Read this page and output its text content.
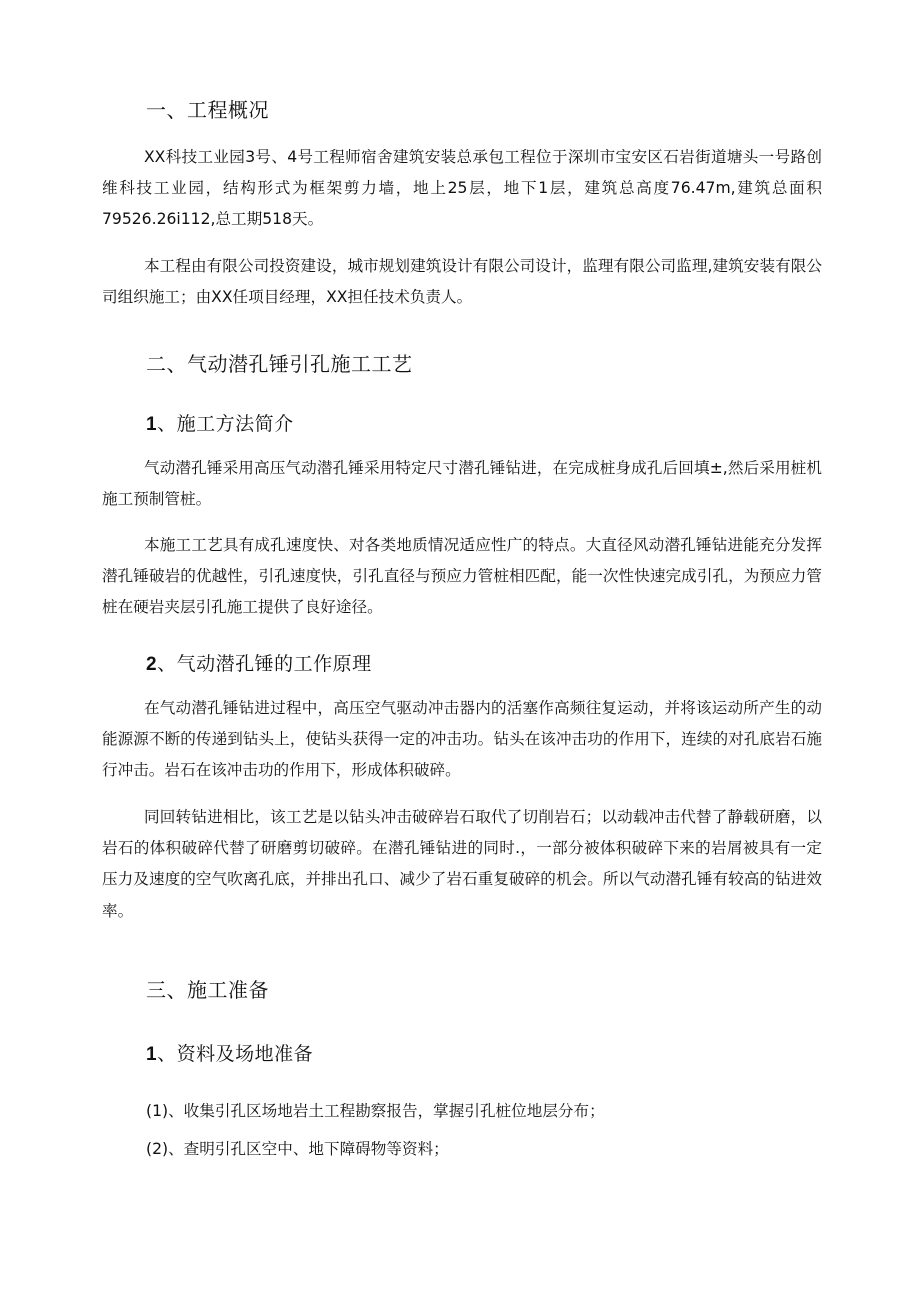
一、工程概况

XX科技工业园3号、4号工程师宿舍建筑安装总承包工程位于深圳市宝安区石岩街道塘头一号路创维科技工业园，结构形式为框架剪力墙，地上25层，地下1层，建筑总高度76.47m,建筑总面积79526.26i112,总工期518天。

本工程由有限公司投资建设，城市规划建筑设计有限公司设计，监理有限公司监理,建筑安装有限公司组织施工；由XX任项目经理，XX担任技术负责人。

二、气动潜孔锤引孔施工工艺
1、施工方法简介

气动潜孔锤采用高压气动潜孔锤采用特定尺寸潜孔锤钻进，在完成桩身成孔后回填±,然后采用桩机施工预制管桩。

本施工工艺具有成孔速度快、对各类地质情况适应性广的特点。大直径风动潜孔锤钻进能充分发挥潜孔锤破岩的优越性，引孔速度快，引孔直径与预应力管桩相匹配，能一次性快速完成引孔，为预应力管桩在硬岩夹层引孔施工提供了良好途径。

2、气动潜孔锤的工作原理

在气动潜孔锤钻进过程中，高压空气驱动冲击器内的活塞作高频往复运动，并将该运动所产生的动能源源不断的传递到钻头上，使钻头获得一定的冲击功。钻头在该冲击功的作用下，连续的对孔底岩石施行冲击。岩石在该冲击功的作用下，形成体积破碎。

同回转钻进相比，该工艺是以钻头冲击破碎岩石取代了切削岩石；以动载冲击代替了静载研磨，以岩石的体积破碎代替了研磨剪切破碎。在潜孔锤钻进的同时.，一部分被体积破碎下来的岩屑被具有一定压力及速度的空气吹离孔底，并排出孔口、减少了岩石重复破碎的机会。所以气动潜孔锤有较高的钻进效率。

三、施工准备
1、资料及场地准备
(1)、收集引孔区场地岩土工程勘察报告，掌握引孔桩位地层分布；
(2)、查明引孔区空中、地下障碍物等资料；
